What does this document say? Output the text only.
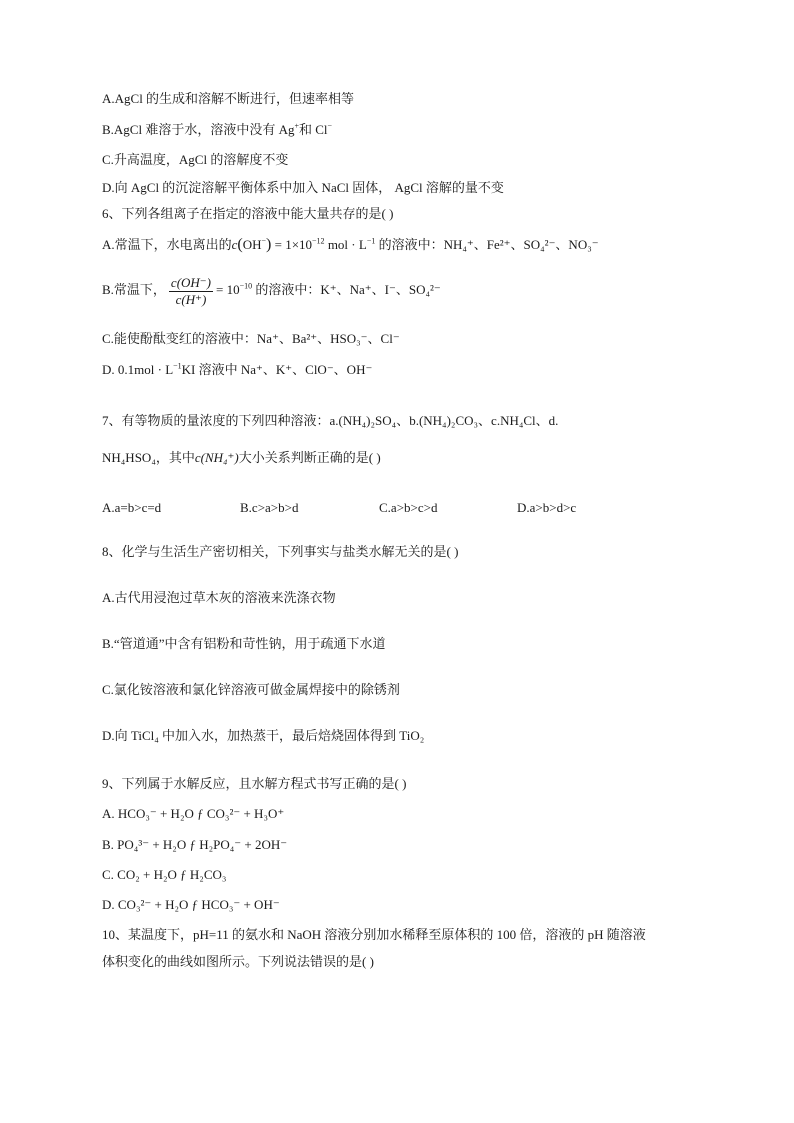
A.AgCl 的生成和溶解不断进行，但速率相等
B.AgCl 难溶于水，溶液中没有 Ag+和 Cl−
C.升高温度，AgCl 的溶解度不变
D.向 AgCl 的沉淀溶解平衡体系中加入 NaCl 固体， AgCl 溶解的量不变
6、下列各组离子在指定的溶液中能大量共存的是( )
A.常温下，水电离出的$c(OH^-) = 1\times 10^{-12}$ mol · $L^{-1}$ 的溶液中：NH₄⁺、Fe²⁺、SO₄²⁻、NO₃⁻
B.常温下， $\frac{c(OH^-)}{c(H^+)} = 10^{-10}$ 的溶液中：K⁺、Na⁺、I⁻、SO₄²⁻
C.能使酚酞变红的溶液中：Na⁺、Ba²⁺、HSO₃⁻、Cl⁻
D. $0.1mol \cdot L^{-1}KI$ 溶液中 Na⁺、K⁺、ClO⁻、OH⁻
7、有等物质的量浓度的下列四种溶液：a.(NH₄)₂SO₄、b.(NH₄)₂CO₃、c.NH₄Cl、d.
NH₄HSO₄，其中c(NH₄⁺)大小关系判断正确的是( )
A.a=b>c=d	B.c>a>b>d	C.a>b>c>d	D.a>b>d>c
8、化学与生活生产密切相关，下列事实与盐类水解无关的是( )
A.古代用浸泡过草木灰的溶液来洗涤衣物
B.“管道通”中含有铝粉和苛性钠，用于疏通下水道
C.氯化铵溶液和氯化锌溶液可做金属焊接中的除锈剂
D.向 TiCl₄ 中加入水，加热蒸干，最后焙烧固体得到 TiO₂
9、下列属于水解反应，且水解方程式书写正确的是( )
A. HCO₃⁻ + H₂O ƒ CO₃²⁻ + H₃O⁺
B. PO₄³⁻ + H₂O ƒ H₂PO₄⁻ + 2OH⁻
C. CO₂ + H₂O ƒ H₂CO₃
D. CO₃²⁻ + H₂O ƒ HCO₃⁻ + OH⁻
10、某温度下，pH=11 的氨水和 NaOH 溶液分别加水稀释至原体积的 100 倍，溶液的 pH 随溶液
体积变化的曲线如图所示。下列说法错误的是( )
